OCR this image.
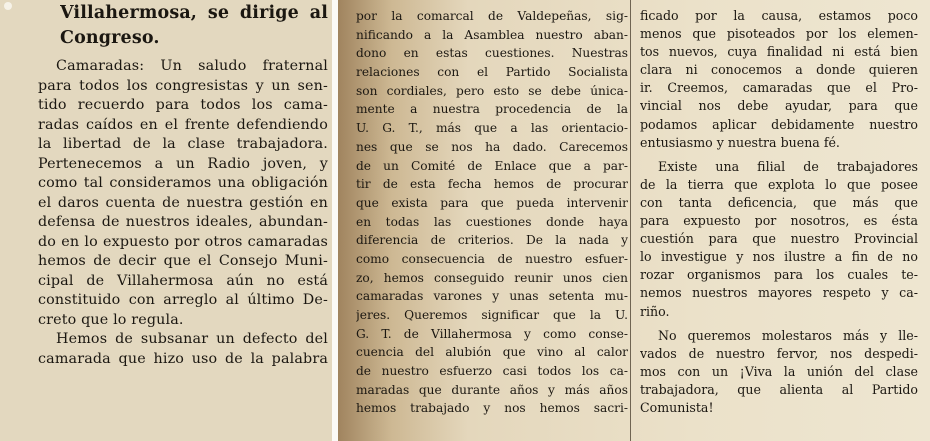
Villahermosa, se dirige al
Congreso.
Camaradas: Un saludo fraternal
para todos los congresistas y un sen-
tido recuerdo para todos los cama-
radas caídos en el frente defendiendo
la libertad de la clase trabajadora.
Pertenecemos a un Radio joven, y
como tal consideramos una obligación
el daros cuenta de nuestra gestión en
defensa de nuestros ideales, abundan-
do en lo expuesto por otros camaradas
hemos de decir que el Consejo Muni-
cipal de Villahermosa aún no está
constituido con arreglo al último De-
creto que lo regula.
Hemos de subsanar un defecto del
camarada que hizo uso de la palabra
por la comarcal de Valdepeñas, sig-
nificando a la Asamblea nuestro aban-
dono en estas cuestiones. Nuestras
relaciones con el Partido Socialista
son cordiales, pero esto se debe única-
mente a nuestra procedencia de la
U. G. T., más que a las orientacio-
nes que se nos ha dado. Carecemos
de un Comité de Enlace que a par-
tir de esta fecha hemos de procurar
que exista para que pueda intervenir
en todas las cuestiones donde haya
diferencia de criterios. De la nada y
como consecuencia de nuestro esfuer-
zo, hemos conseguido reunir unos cien
camaradas varones y unas setenta mu-
jeres. Queremos significar que la U.
G. T. de Villahermosa y como conse-
cuencia del alubión que vino al calor
de nuestro esfuerzo casi todos los ca-
maradas que durante años y más años
hemos trabajado y nos hemos sacri-
ficado por la causa, estamos poco
menos que pisoteados por los elemen-
tos nuevos, cuya finalidad ni está bien
clara ni conocemos a donde quieren
ir. Creemos, camaradas que el Pro-
vincial nos debe ayudar, para que
podamos aplicar debidamente nuestro
entusiasmo y nuestra buena fé.
Existe una filial de trabajadores
de la tierra que explota lo que posee
con tanta deficencia, que más que
para expuesto por nosotros, es ésta
cuestión para que nuestro Provincial
lo investigue y nos ilustre a fin de no
rozar organismos para los cuales te-
nemos nuestros mayores respeto y ca-
riño.
No queremos molestaros más y lle-
vados de nuestro fervor, nos despedi-
mos con un ¡Viva la unión del clase
trabajadora, que alienta al Partido
Comunista!
